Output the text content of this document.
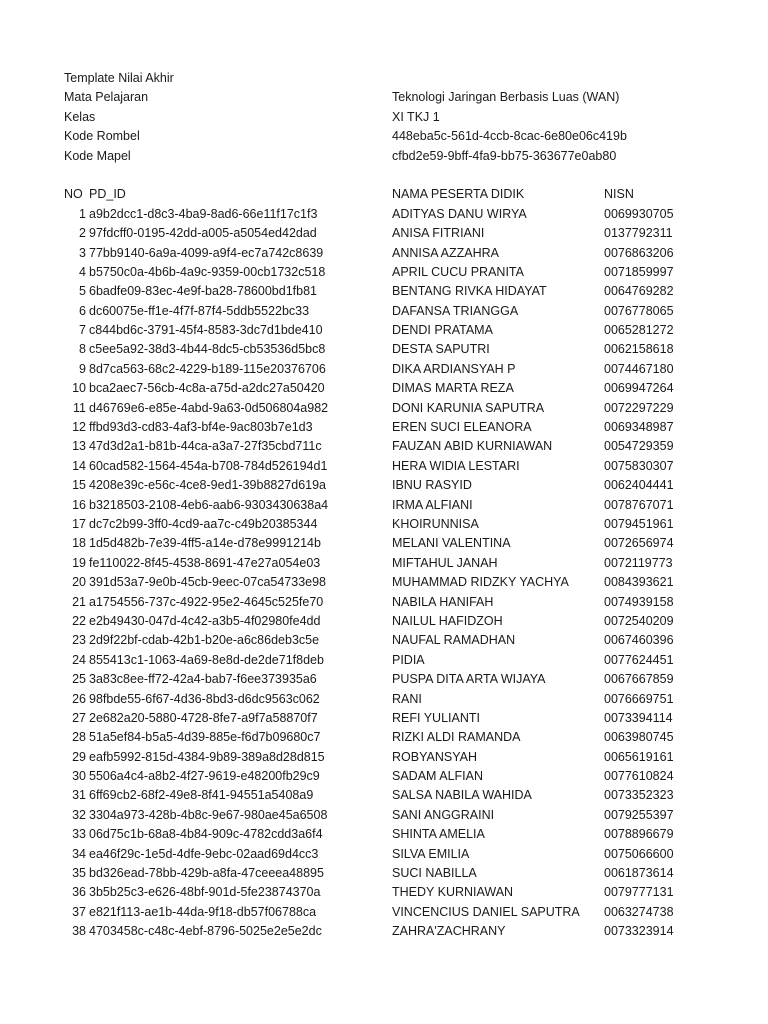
Template Nilai Akhir
Mata Pelajaran	Teknologi Jaringan Berbasis Luas (WAN)
Kelas	XI TKJ 1
Kode Rombel	448eba5c-561d-4ccb-8cac-6e80e06c419b
Kode Mapel	cfbd2e59-9bff-4fa9-bb75-363677e0ab80
NO PD_ID	NAMA PESERTA DIDIK	NISN
1 a9b2dcc1-d8c3-4ba9-8ad6-66e11f17c1f3	ADITYAS DANU WIRYA	0069930705
2 97fdcff0-0195-42dd-a005-a5054ed42dad	ANISA FITRIANI	0137792311
3 77bb9140-6a9a-4099-a9f4-ec7a742c8639	ANNISA AZZAHRA	0076863206
4 b5750c0a-4b6b-4a9c-9359-00cb1732c518	APRIL CUCU PRANITA	0071859997
5 6badfe09-83ec-4e9f-ba28-78600bd1fb81	BENTANG RIVKA HIDAYAT	0064769282
6 dc60075e-ff1e-4f7f-87f4-5ddb5522bc33	DAFANSA TRIANGGA	0076778065
7 c844bd6c-3791-45f4-8583-3dc7d1bde410	DENDI PRATAMA	0065281272
8 c5ee5a92-38d3-4b44-8dc5-cb53536d5bc8	DESTA SAPUTRI	0062158618
9 8d7ca563-68c2-4229-b189-115e20376706	DIKA ARDIANSYAH P	0074467180
10 bca2aec7-56cb-4c8a-a75d-a2dc27a50420	DIMAS MARTA REZA	0069947264
11 d46769e6-e85e-4abd-9a63-0d506804a982	DONI KARUNIA SAPUTRA	0072297229
12 ffbd93d3-cd83-4af3-bf4e-9ac803b7e1d3	EREN SUCI ELEANORA	0069348987
13 47d3d2a1-b81b-44ca-a3a7-27f35cbd711c	FAUZAN ABID KURNIAWAN	0054729359
14 60cad582-1564-454a-b708-784d526194d1	HERA WIDIA LESTARI	0075830307
15 4208e39c-e56c-4ce8-9ed1-39b8827d619a	IBNU RASYID	0062404441
16 b3218503-2108-4eb6-aab6-9303430638a4	IRMA ALFIANI	0078767071
17 dc7c2b99-3ff0-4cd9-aa7c-c49b20385344	KHOIRUNNISA	0079451961
18 1d5d482b-7e39-4ff5-a14e-d78e9991214b	MELANI VALENTINA	0072656974
19 fe110022-8f45-4538-8691-47e27a054e03	MIFTAHUL JANAH	0072119773
20 391d53a7-9e0b-45cb-9eec-07ca54733e98	MUHAMMAD RIDZKY YACHYA	0084393621
21 a1754556-737c-4922-95e2-4645c525fe70	NABILA HANIFAH	0074939158
22 e2b49430-047d-4c42-a3b5-4f02980fe4dd	NAILUL HAFIDZOH	0072540209
23 2d9f22bf-cdab-42b1-b20e-a6c86deb3c5e	NAUFAL RAMADHAN	0067460396
24 855413c1-1063-4a69-8e8d-de2de71f8deb	PIDIA	0077624451
25 3a83c8ee-ff72-42a4-bab7-f6ee373935a6	PUSPA DITA ARTA WIJAYA	0067667859
26 98fbde55-6f67-4d36-8bd3-d6dc9563c062	RANI	0076669751
27 2e682a20-5880-4728-8fe7-a9f7a58870f7	REFI YULIANTI	0073394114
28 51a5ef84-b5a5-4d39-885e-f6d7b09680c7	RIZKI ALDI RAMANDA	0063980745
29 eafb5992-815d-4384-9b89-389a8d28d815	ROBYANSYAH	0065619161
30 5506a4c4-a8b2-4f27-9619-e48200fb29c9	SADAM ALFIAN	0077610824
31 6ff69cb2-68f2-49e8-8f41-94551a5408a9	SALSA NABILA WAHIDA	0073352323
32 3304a973-428b-4b8c-9e67-980ae45a6508	SANI ANGGRAINI	0079255397
33 06d75c1b-68a8-4b84-909c-4782cdd3a6f4	SHINTA AMELIA	0078896679
34 ea46f29c-1e5d-4dfe-9ebc-02aad69d4cc3	SILVA EMILIA	0075066600
35 bd326ead-78bb-429b-a8fa-47ceeea48895	SUCI NABILLA	0061873614
36 3b5b25c3-e626-48bf-901d-5fe23874370a	THEDY KURNIAWAN	0079777131
37 e821f113-ae1b-44da-9f18-db57f06788ca	VINCENCIUS DANIEL SAPUTRA	0063274738
38 4703458c-c48c-4ebf-8796-5025e2e5e2dc	ZAHRA'ZACHRANY	0073323914
